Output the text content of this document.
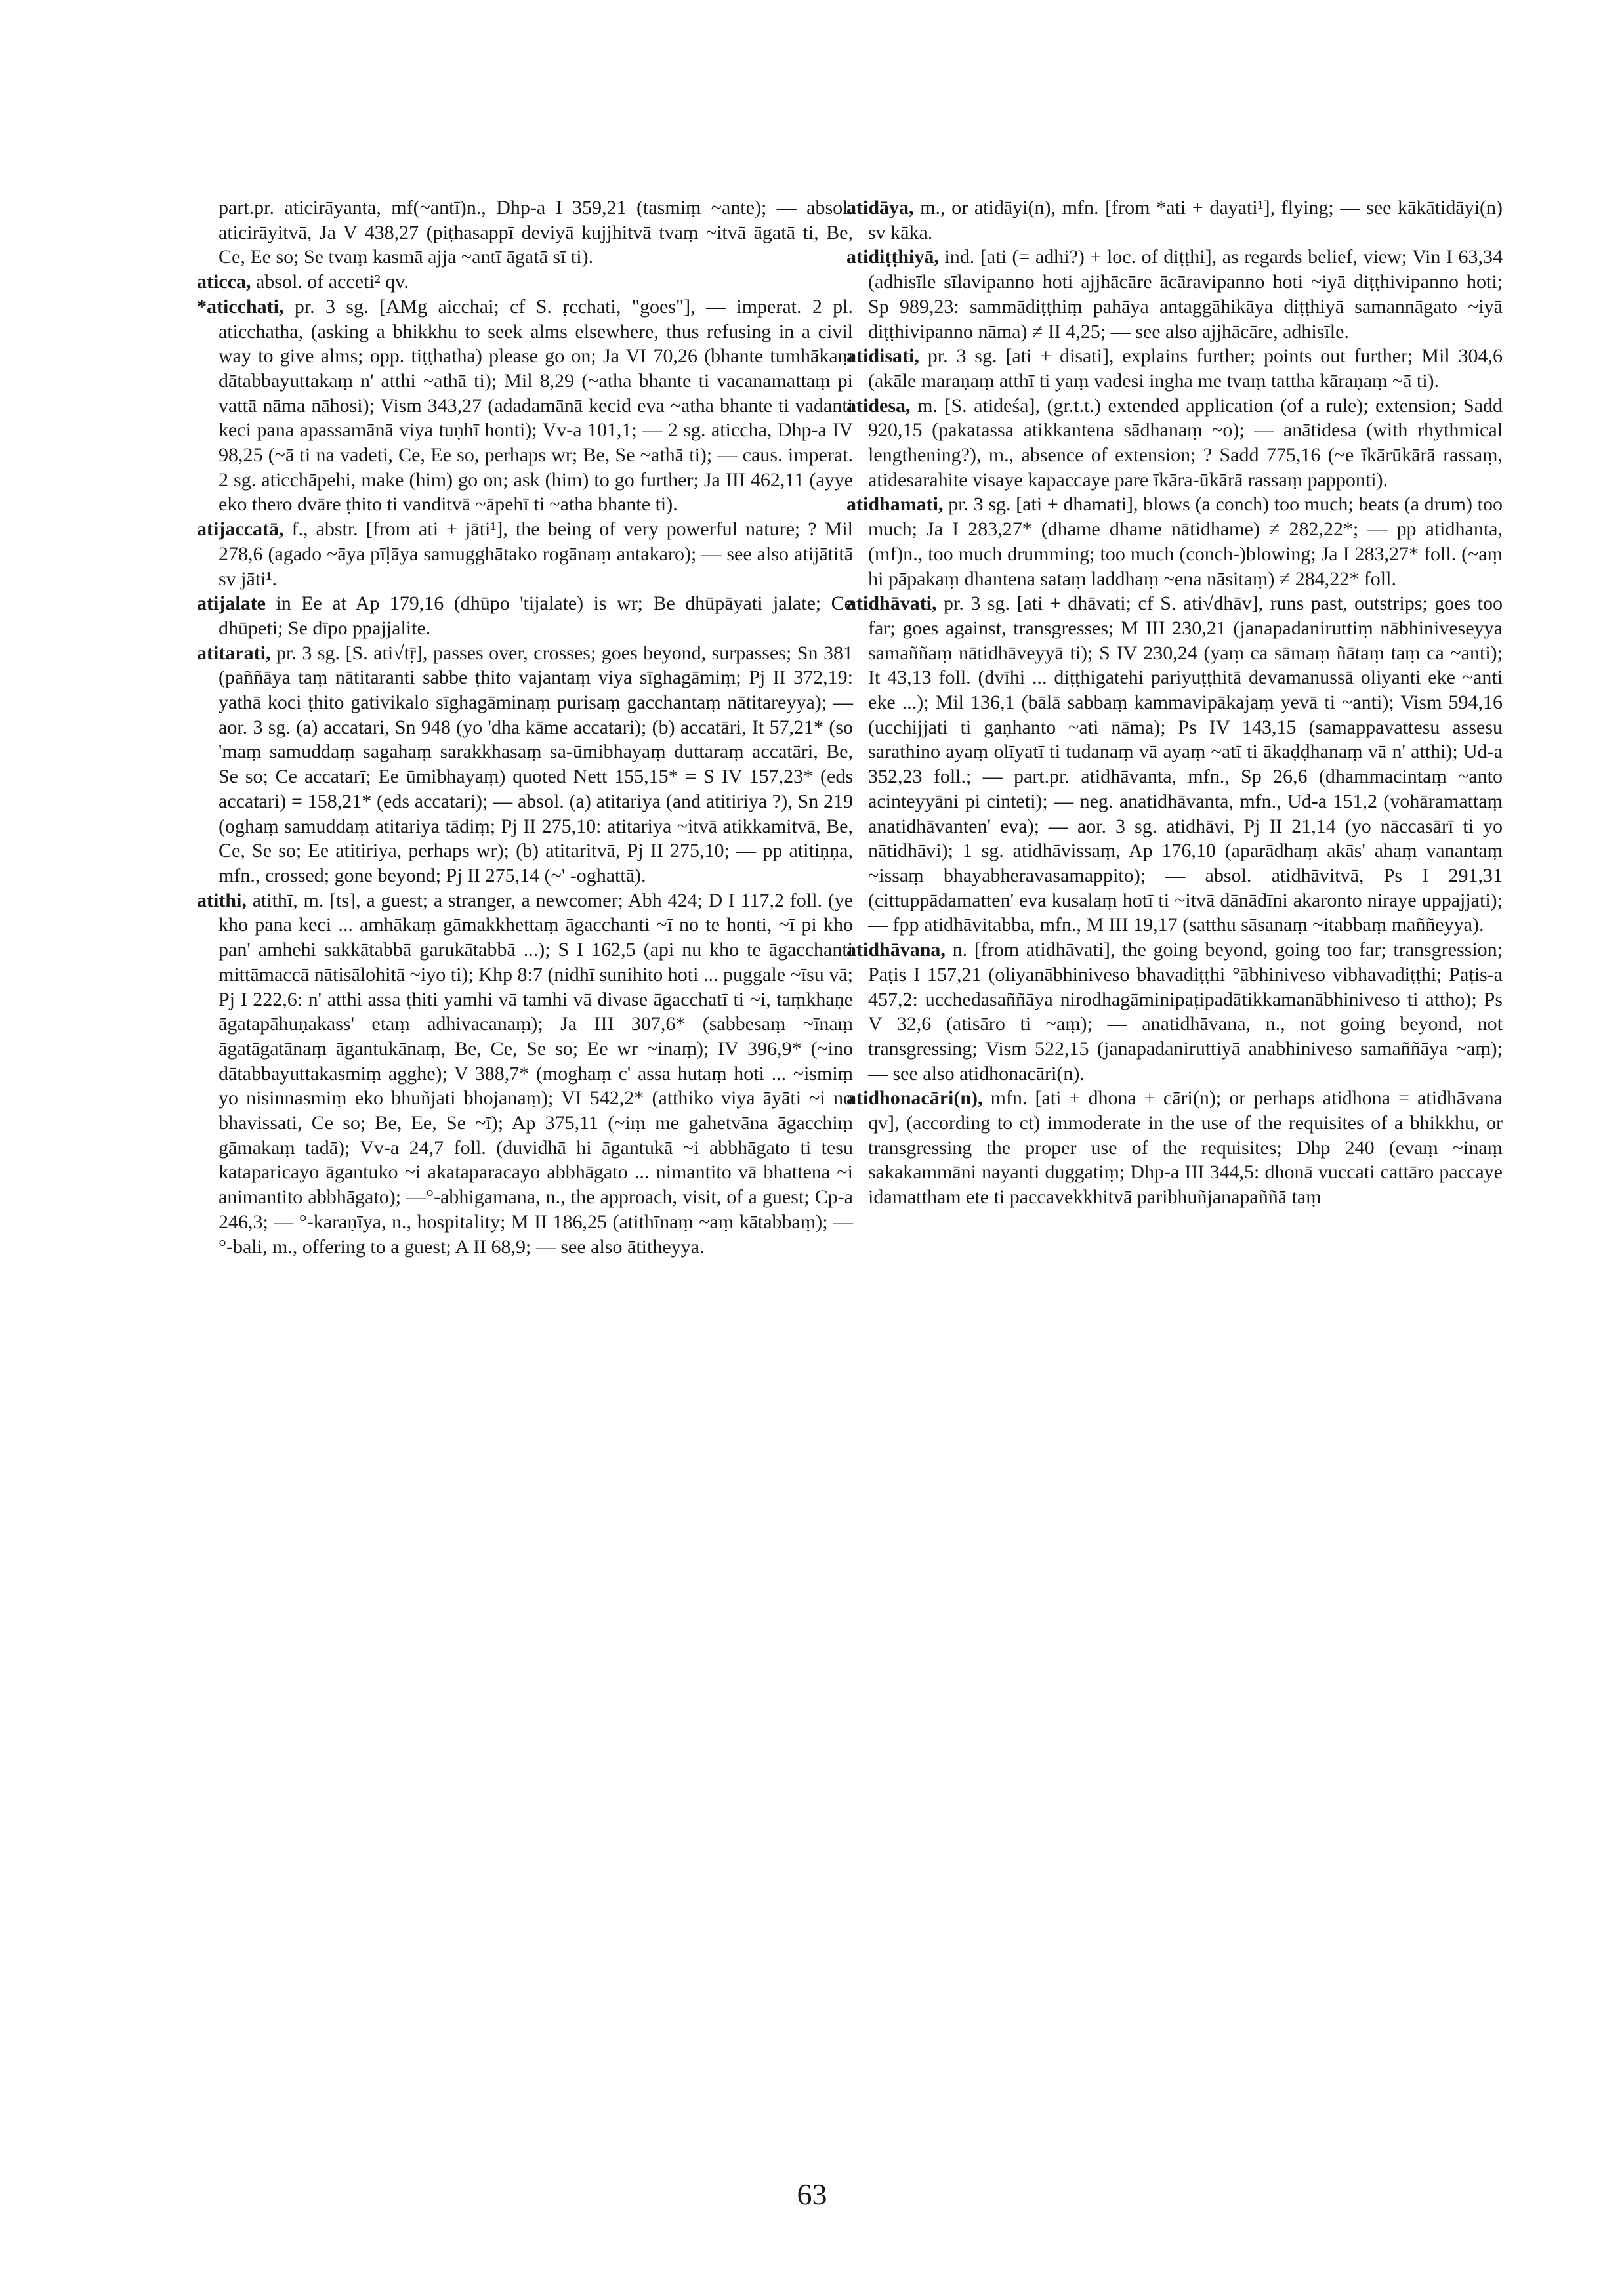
part.pr. aticirāyanta, mf(~antī)n., Dhp-a I 359,21 (tasmiṃ ~ante); — absol. aticirāyitvā, Ja V 438,27 (piṭhasappī deviyā kujjhitvā tvaṃ ~itvā āgatā ti, Be, Ce, Ee so; Se tvaṃ kasmā ajja ~antī āgatā sī ti).

aticca, absol. of acceti² qv.

*aticchati, pr. 3 sg. [AMg aicchai; cf S. ṛcchati, "goes"], — imperat. 2 pl. aticchatha, (asking a bhikkhu to seek alms elsewhere, thus refusing in a civil way to give alms; opp. tiṭṭhatha) please go on; Ja VI 70,26 (bhante tumhākaṃ dātabbayuttakaṃ n' atthi ~athā ti); Mil 8,29 (~atha bhante ti vacanamattaṃ pi vattā nāma nāhosi); Vism 343,27 (adadamānā kecid eva ~atha bhante ti vadanti keci pana apassamānā viya tuṇhī honti); Vv-a 101,1; — 2 sg. aticcha, Dhp-a IV 98,25 (~ā ti na vadeti, Ce, Ee so, perhaps wr; Be, Se ~athā ti); — caus. imperat. 2 sg. aticchāpehi, make (him) go on; ask (him) to go further; Ja III 462,11 (ayye eko thero dvāre ṭhito ti vanditvā ~āpehī ti ~atha bhante ti).

atijaccatā, f., abstr. [from ati + jāti¹], the being of very powerful nature; ? Mil 278,6 (agado ~āya pīḷāya samugghātako rogānaṃ antakaro); — see also atijātitā sv jāti¹.

atijalate in Ee at Ap 179,16 (dhūpo 'tijalate) is wr; Be dhūpāyati jalate; Ce dhūpeti; Se dīpo ppajjalite.

atitarati, pr. 3 sg. [S. ati√tṝ], passes over, crosses; goes beyond, surpasses; Sn 381 (paññāya taṃ nātitaranti sabbe ṭhito vajantaṃ viya sīghagāmiṃ; Pj II 372,19: yathā koci ṭhito gativikalo sīghagāminaṃ purisaṃ gacchantaṃ nātitareyya); — aor. 3 sg. (a) accatari, Sn 948 (yo 'dha kāme accatari); (b) accatāri, It 57,21* (so 'maṃ samuddaṃ sagahaṃ sarakkhasaṃ sa-ūmibhayaṃ duttaraṃ accatāri, Be, Se so; Ce accatarī; Ee ūmibhayaṃ) quoted Nett 155,15* = S IV 157,23* (eds accatari) = 158,21* (eds accatari); — absol. (a) atitariya (and atitiriya ?), Sn 219 (oghaṃ samuddaṃ atitariya tādiṃ; Pj II 275,10: atitariya ~itvā atikkamitvā, Be, Ce, Se so; Ee atitiriya, perhaps wr); (b) atitaritvā, Pj II 275,10; — pp atitiṇṇa, mfn., crossed; gone beyond; Pj II 275,14 (~' -oghattā).

atithi, atithī, m. [ts], a guest; a stranger, a newcomer; Abh 424; D I 117,2 foll. (ye kho pana keci ... amhākaṃ gāmakkhettaṃ āgacchanti ~ī no te honti, ~ī pi kho pan' amhehi sakkātabbā garukātabbā ...); S I 162,5 (api nu kho te āgacchanti mittāmaccā nātisālohitā ~iyo ti); Khp 8:7 (nidhī sunihito hoti ... puggale ~īsu vā; Pj I 222,6: n' atthi assa ṭhiti yamhi vā tamhi vā divase āgacchatī ti ~i, taṃkhaṇe āgatapāhuṇakass' etaṃ adhivacanaṃ); Ja III 307,6* (sabbesaṃ ~īnaṃ āgatāgatānaṃ āgantukānaṃ, Be, Ce, Se so; Ee wr ~inaṃ); IV 396,9* (~ino dātabbayuttakasmiṃ agghe); V 388,7* (moghaṃ c' assa hutaṃ hoti ... ~ismiṃ yo nisinnasmiṃ eko bhuñjati bhojanaṃ); VI 542,2* (atthiko viya āyāti ~i no bhavissati, Ce so; Be, Ee, Se ~ī); Ap 375,11 (~iṃ me gahetvāna āgacchiṃ gāmakaṃ tadā); Vv-a 24,7 foll. (duvidhā hi āgantukā ~i abbhāgato ti tesu kataparicayo āgantuko ~i akataparacayo abbhāgato ... nimantito vā bhattena ~i animantito abbhāgato); —°-abhigamana, n., the approach, visit, of a guest; Cp-a 246,3; — °-karaṇīya, n., hospitality; M II 186,25 (atithīnaṃ ~aṃ kātabbaṃ); — °-bali, m., offering to a guest; A II 68,9; — see also ātitheyya.

atidāya, m., or atidāyi(n), mfn. [from *ati + dayati¹], flying; — see kākātidāyi(n) sv kāka.

atidiṭṭhiyā, ind. [ati (= adhi?) + loc. of diṭṭhi], as regards belief, view; Vin I 63,34 (adhisīle sīlavipanno hoti ajjhācāre ācāravipanno hoti ~iyā diṭṭhivipanno hoti; Sp 989,23: sammādiṭṭhiṃ pahāya antaggāhikāya diṭṭhiyā samannāgato ~iyā diṭṭhivipanno nāma) ≠ II 4,25; — see also ajjhācāre, adhisīle.

atidisati, pr. 3 sg. [ati + disati], explains further; points out further; Mil 304,6 (akāle maraṇaṃ atthī ti yaṃ vadesi ingha me tvaṃ tattha kāraṇaṃ ~ā ti).

atidesa, m. [S. atideśa], (gr.t.t.) extended application (of a rule); extension; Sadd 920,15 (pakatassa atikkantena sādhanaṃ ~o); — anātidesa (with rhythmical lengthening?), m., absence of extension; ? Sadd 775,16 (~e īkārūkārā rassaṃ, atidesarahite visaye kapaccaye pare īkāra-ūkārā rassaṃ papponti).

atidhamati, pr. 3 sg. [ati + dhamati], blows (a conch) too much; beats (a drum) too much; Ja I 283,27* (dhame dhame nātidhame) ≠ 282,22*; — pp atidhanta, (mf)n., too much drumming; too much (conch-)blowing; Ja I 283,27* foll. (~aṃ hi pāpakaṃ dhantena sataṃ laddhaṃ ~ena nāsitaṃ) ≠ 284,22* foll.

atidhāvati, pr. 3 sg. [ati + dhāvati; cf S. ati√dhāv], runs past, outstrips; goes too far; goes against, transgresses; M III 230,21 (janapadaniruttiṃ nābhiniveseyya samaññaṃ nātidhāveyyā ti); S IV 230,24 (yaṃ ca sāmaṃ ñātaṃ taṃ ca ~anti); It 43,13 foll. (dvīhi ... diṭṭhigatehi pariyuṭṭhitā devamanussā oliyanti eke ~anti eke ...); Mil 136,1 (bālā sabbaṃ kammavipākajaṃ yevā ti ~anti); Vism 594,16 (ucchijjati ti gaṇhanto ~ati nāma); Ps IV 143,15 (samappavattesu assesu sarathino ayaṃ olīyatī ti tudanaṃ vā ayaṃ ~atī ti ākaḍḍhanaṃ vā n' atthi); Ud-a 352,23 foll.; — part.pr. atidhāvanta, mfn., Sp 26,6 (dhammacintaṃ ~anto acinteyyāni pi cinteti); — neg. anatidhāvanta, mfn., Ud-a 151,2 (vohāramattaṃ anatidhāvanten' eva); — aor. 3 sg. atidhāvi, Pj II 21,14 (yo nāccasārī ti yo nātidhāvi); 1 sg. atidhāvissaṃ, Ap 176,10 (aparādhaṃ akās' ahaṃ vanantaṃ ~issaṃ bhayabheravasamappito); — absol. atidhāvitvā, Ps I 291,31 (cittuppādamatten' eva kusalaṃ hotī ti ~itvā dānādīni akaronto niraye uppajjati); — fpp atidhāvitabba, mfn., M III 19,17 (satthu sāsanaṃ ~itabbaṃ maññeyya).

atidhāvana, n. [from atidhāvati], the going beyond, going too far; transgression; Paṭis I 157,21 (oliyanābhiniveso bhavadiṭṭhi °ābhiniveso vibhavadiṭṭhi; Paṭis-a 457,2: ucchedasaññāya nirodhagāminipaṭipadātikkamanābhiniveso ti attho); Ps V 32,6 (atisāro ti ~aṃ); — anatidhāvana, n., not going beyond, not transgressing; Vism 522,15 (janapadaniruttiyā anabhiniveso samaññāya ~aṃ); — see also atidhonacāri(n).

atidhonacāri(n), mfn. [ati + dhona + cāri(n); or perhaps atidhona = atidhāvana qv], (according to ct) immoderate in the use of the requisites of a bhikkhu, or transgressing the proper use of the requisites; Dhp 240 (evaṃ ~inaṃ sakakammāni nayanti duggatiṃ; Dhp-a III 344,5: dhonā vuccati cattāro paccaye idamattham ete ti paccavekkhitvā paribhuñjanapaññā taṃ

63
